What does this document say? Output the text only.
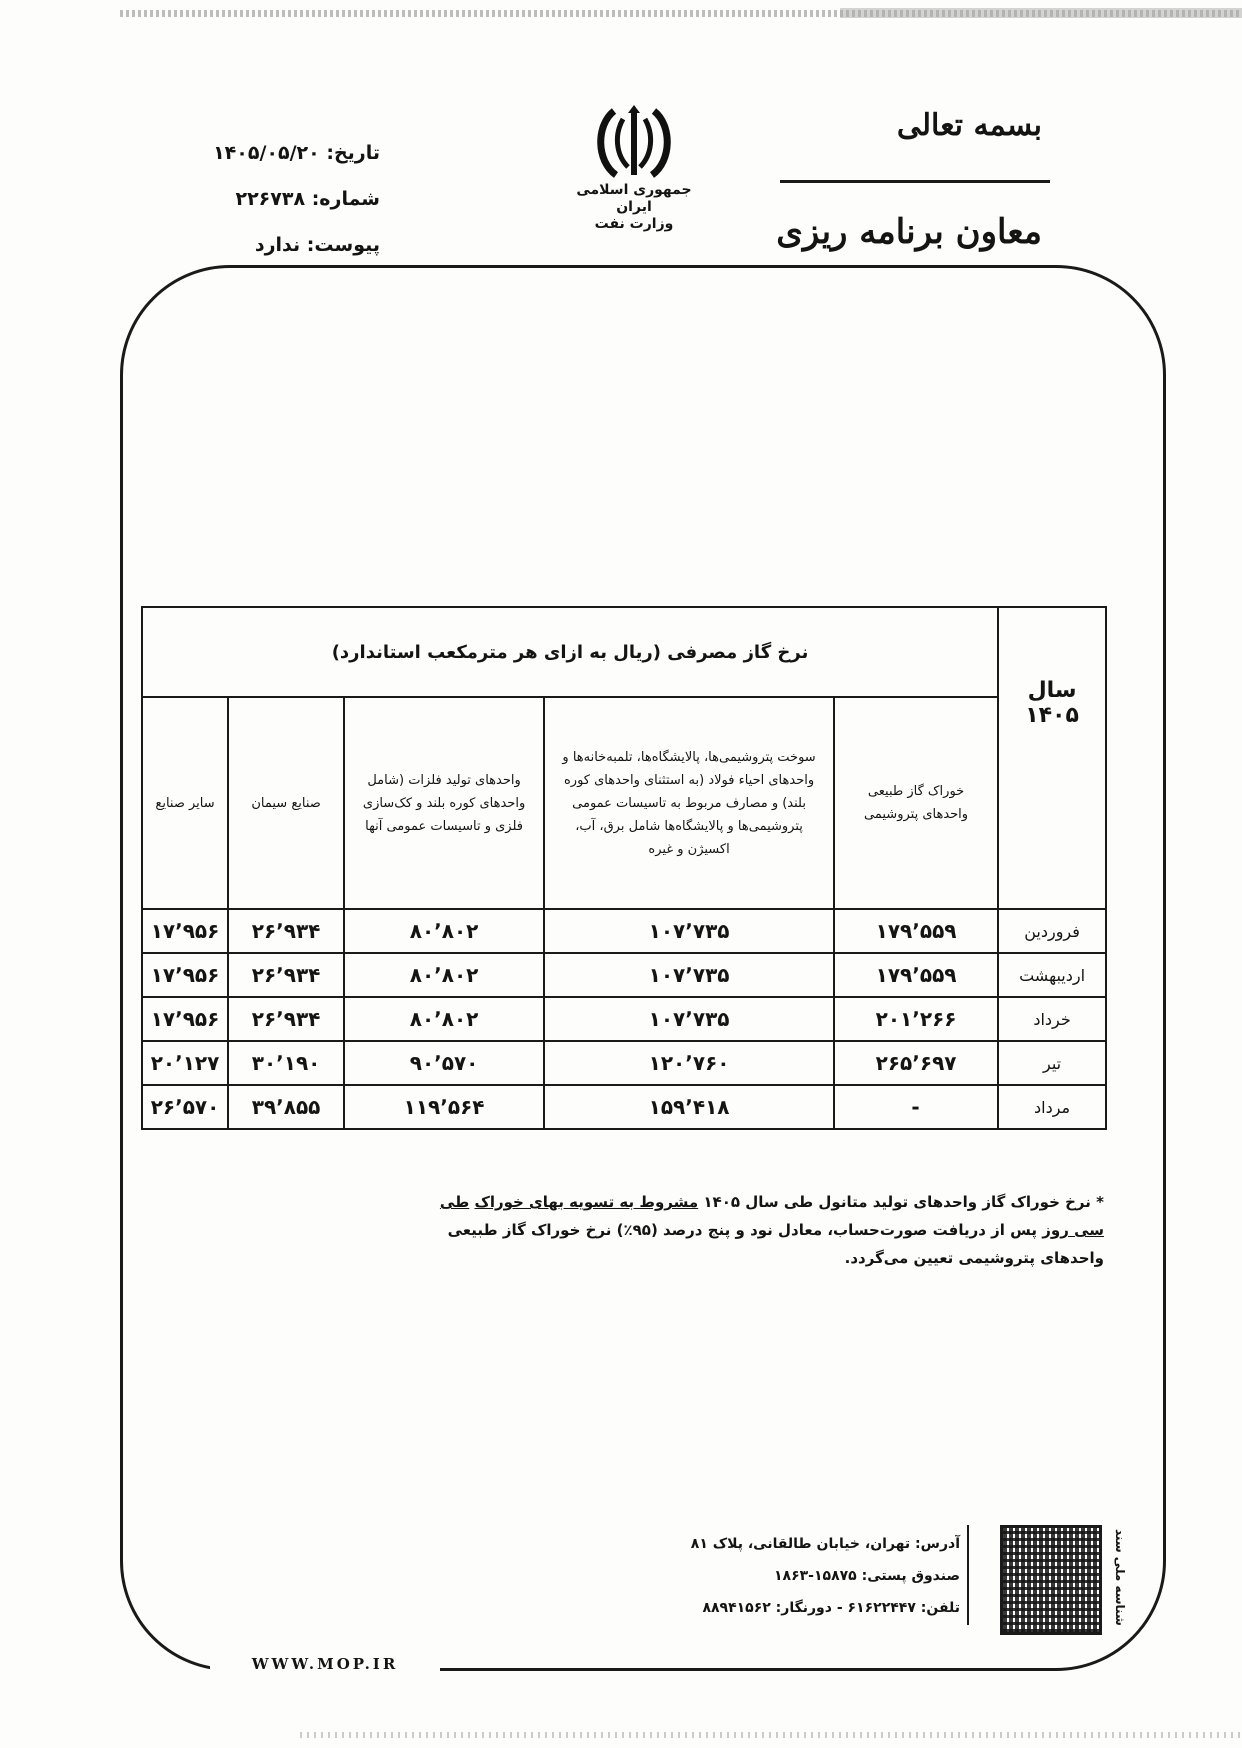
WWW.MOP.IR
بسمه تعالی
معاون برنامه ریزی
جمهوری اسلامی ایران
وزارت نفت
تاریخ: ۱۴۰۵/۰۵/۲۰
شماره: ۲۲۶۷۳۸
پیوست: ندارد
سال ۱۴۰۵	نرخ گاز مصرفی (ریال به ازای هر مترمکعب استاندارد)				
	خوراک گاز طبیعی واحدهای پتروشیمی	سوخت پتروشیمی‌ها، پالایشگاه‌ها، تلمبه‌خانه‌ها و واحدهای احیاء فولاد (به استثنای واحدهای کوره بلند) و مصارف مربوط به تاسیسات عمومی پتروشیمی‌ها و پالایشگاه‌ها شامل برق، آب، اکسیژن و غیره	واحدهای تولید فلزات (شامل واحدهای کوره بلند و کک‌سازی فلزی و تاسیسات عمومی آنها	صنایع سیمان	سایر صنایع
فروردین	۱۷۹٬۵۵۹	۱۰۷٬۷۳۵	۸۰٬۸۰۲	۲۶٬۹۳۴	۱۷٬۹۵۶
اردیبهشت	۱۷۹٬۵۵۹	۱۰۷٬۷۳۵	۸۰٬۸۰۲	۲۶٬۹۳۴	۱۷٬۹۵۶
خرداد	۲۰۱٬۲۶۶	۱۰۷٬۷۳۵	۸۰٬۸۰۲	۲۶٬۹۳۴	۱۷٬۹۵۶
تیر	۲۶۵٬۶۹۷	۱۲۰٬۷۶۰	۹۰٬۵۷۰	۳۰٬۱۹۰	۲۰٬۱۲۷
مرداد	-	۱۵۹٬۴۱۸	۱۱۹٬۵۶۴	۳۹٬۸۵۵	۲۶٬۵۷۰
* نرخ خوراک گاز واحدهای تولید متانول طی سال ۱۴۰۵ مشروط به تسویه بهای خوراک طی سی روز پس از دریافت صورت‌حساب، معادل نود و پنج درصد (۹۵٪) نرخ خوراک گاز طبیعی واحدهای پتروشیمی تعیین می‌گردد.
آدرس: تهران، خیابان طالقانی، پلاک ۸۱
صندوق پستی: ۱۵۸۷۵-۱۸۶۳
تلفن: ۶۱۶۲۲۴۴۷ - دورنگار: ۸۸۹۴۱۵۶۲	شناسه ملی سند
